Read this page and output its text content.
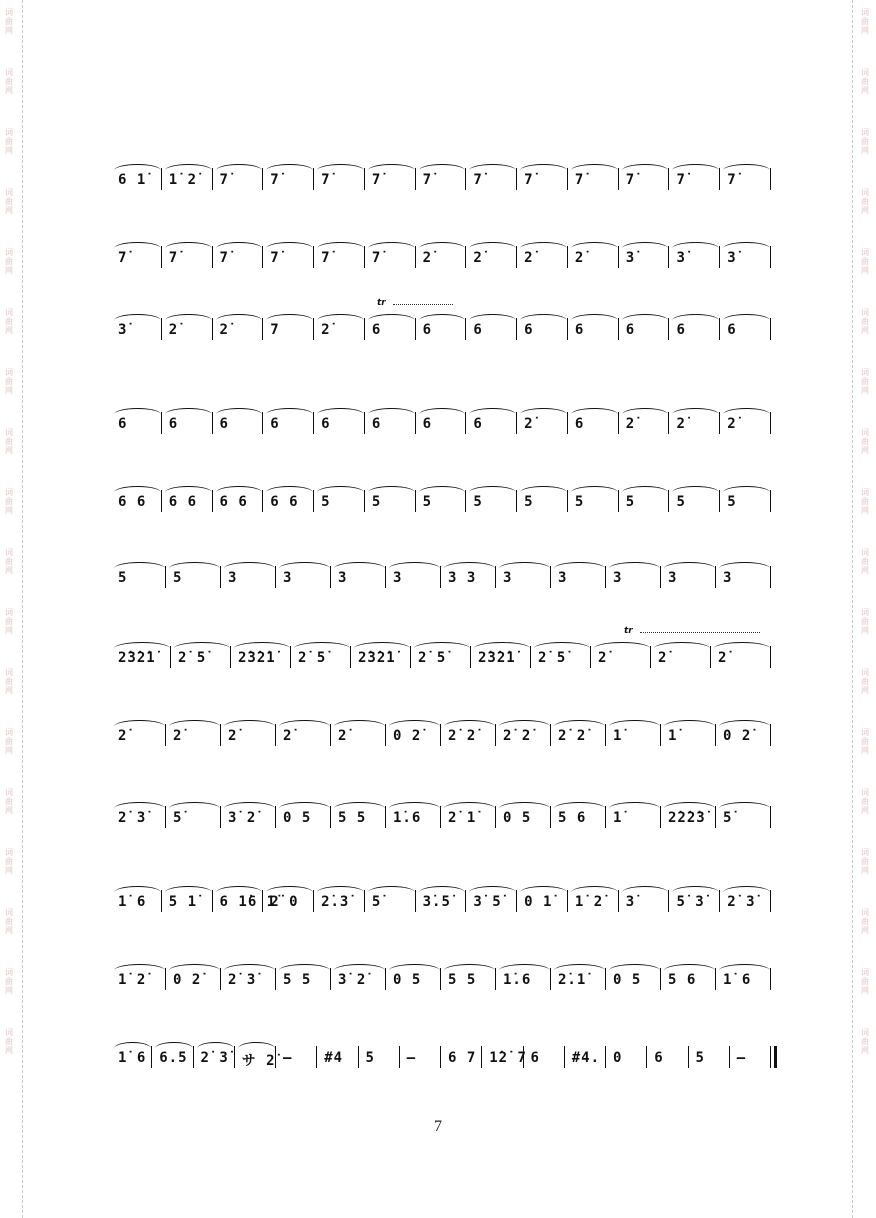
词
曲
网
词
曲
网
词
曲
网
词
曲
网
词
曲
网
词
曲
网
词
曲
网
词
曲
网
词
曲
网
词
曲
网
词
曲
网
词
曲
网
词
曲
网
词
曲
网
词
曲
网
词
曲
网
词
曲
网
词
曲
网
词
曲
网
词
曲
网
词
曲
网
词
曲
网
词
曲
网
词
曲
网
词
曲
网
词
曲
网
词
曲
网
词
曲
网
词
曲
网
词
曲
网
词
曲
网
词
曲
网
词
曲
网
词
曲
网
词
曲
网
词
曲
网
6 1̇ 1̇ 2̇ 7̇	7̇	7̇	7̇	7̇	7̇	7̇	7̇	7̇	7̇	7̇
7̇	7̇	7̇	7̇	7̇	7̇	2̇	2̇	2̇	2̇	3̇	3̇	3̇
tr
3̇	2̇	2̇	7	2̇	6	6	6	6	6	6	6	6
6	6	6	6	6	6	6	6	2̇	6	2̇	2̇	2̇
6 6 6 6 6 6 6 6 5	5	5	5	5	5	5	5	5
5	5	3	3	3	3	3 3 3	3	3	3	3
tr
2̇3̇2̇1̇ 2̇ 5̇ 2̇3̇2̇1̇ 2̇ 5̇ 2̇3̇2̇1̇ 2̇ 5̇ 2̇3̇2̇1̇ 2̇ 5̇ 2̇	2̇	2̇
2̇	2̇	2̇	2̇	2̇	0 2̇ 2̇ 2̇ 2̇ 2̇ 2̇ 2̇ 1̇	1̇	0 2̇
2̇ 3̇ 5̇	3̇ 2̇ 0 5 5 5 1̇.6 2̇ 1̇ 0 5 5 6 1̇	2̇2̇2̇3̇ 5̇
1̇ 6 5 1̇ 6 1̇6 1̇
2̇ 0 2̇.3̇ 5̇	3̇.5̇ 3̇ 5̇ 0 1̇ 1̇ 2̇ 3̇	5̇ 3̇ 2̇ 3̇
1̇ 2̇ 0 2̇ 2̇ 3̇ 5 5 3̇ 2̇ 0 5 5 5 1̇.6 2̇.1̇ 0 5 5 6 1̇ 6
1̇ 6 6.5 2̇ 3̇ サ 2̇ – #4 5 – 6 7 1̇2̇ 7 6 #4. 0 6 5 –
7
